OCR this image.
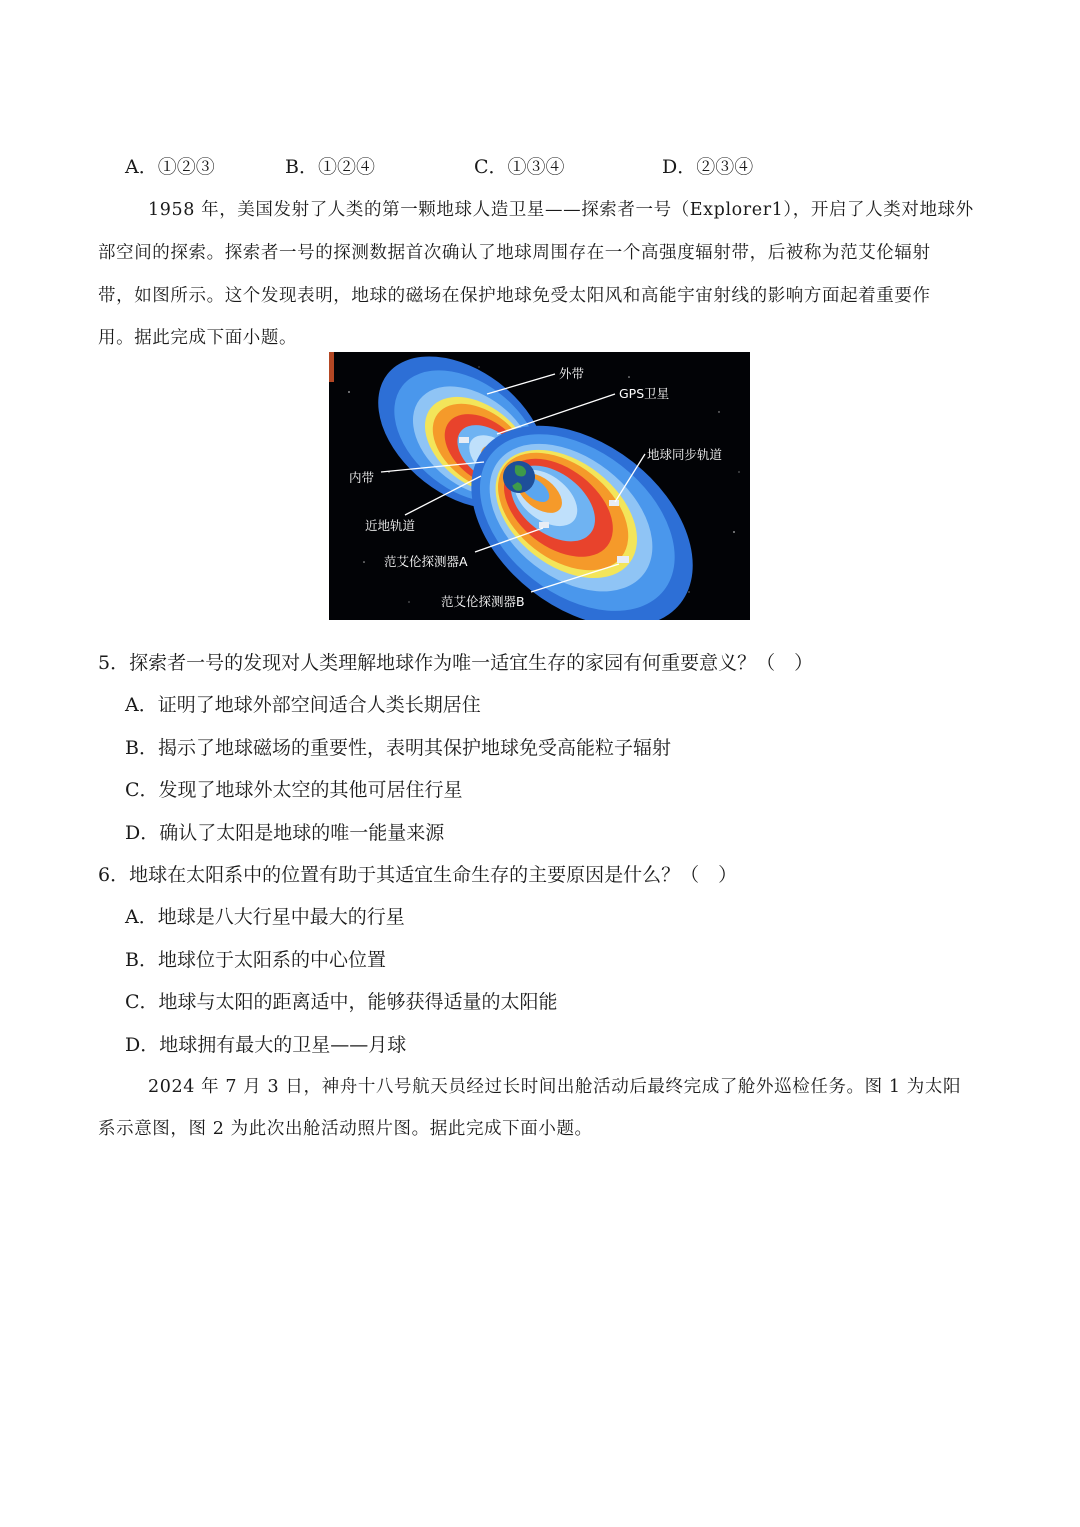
A．①②③	B．①②④	C．①③④	D．②③④
1958 年，美国发射了人类的第一颗地球人造卫星——探索者一号（Explorer1），开启了人类对地球外
部空间的探索。探索者一号的探测数据首次确认了地球周围存在一个高强度辐射带，后被称为范艾伦辐射
带，如图所示。这个发现表明，地球的磁场在保护地球免受太阳风和高能宇宙射线的影响方面起着重要作
用。据此完成下面小题。
外带
GPS卫星
地球同步轨道
内带
近地轨道
范艾伦探测器A
范艾伦探测器B
5．探索者一号的发现对人类理解地球作为唯一适宜生存的家园有何重要意义？（　）
A．证明了地球外部空间适合人类长期居住
B．揭示了地球磁场的重要性，表明其保护地球免受高能粒子辐射
C．发现了地球外太空的其他可居住行星
D．确认了太阳是地球的唯一能量来源
6．地球在太阳系中的位置有助于其适宜生命生存的主要原因是什么？（　）
A．地球是八大行星中最大的行星
B．地球位于太阳系的中心位置
C．地球与太阳的距离适中，能够获得适量的太阳能
D．地球拥有最大的卫星——月球
2024 年 7 月 3 日，神舟十八号航天员经过长时间出舱活动后最终完成了舱外巡检任务。图 1 为太阳
系示意图，图 2 为此次出舱活动照片图。据此完成下面小题。
